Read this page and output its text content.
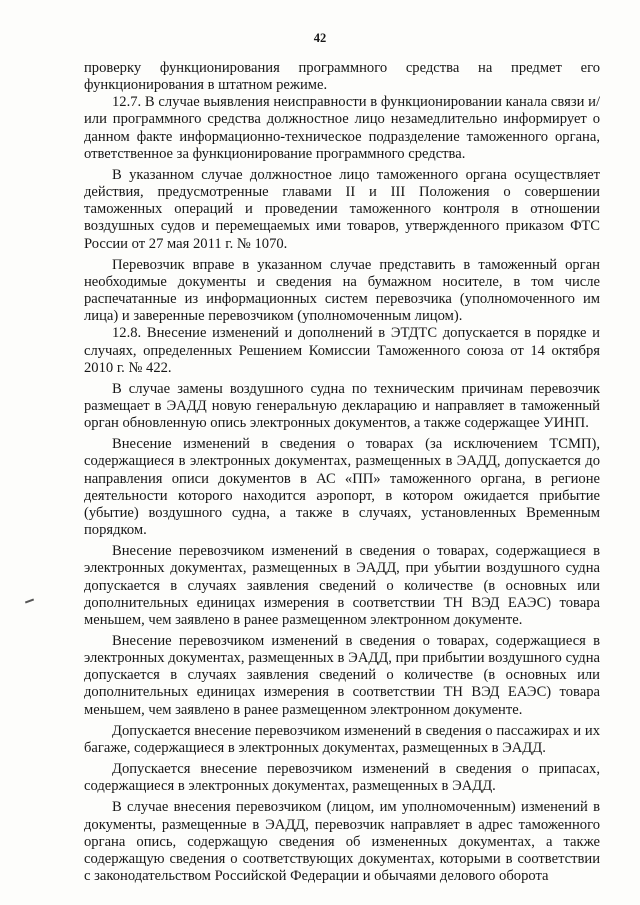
42

проверку функционирования программного средства на предмет его функционирования в штатном режиме.

12.7. В случае выявления неисправности в функционировании канала связи и/или программного средства должностное лицо незамедлительно информирует о данном факте информационно-техническое подразделение таможенного органа, ответственное за функционирование программного средства.

В указанном случае должностное лицо таможенного органа осуществляет действия, предусмотренные главами II и III Положения о совершении таможенных операций и проведении таможенного контроля в отношении воздушных судов и перемещаемых ими товаров, утвержденного приказом ФТС России от 27 мая 2011 г. № 1070.

Перевозчик вправе в указанном случае представить в таможенный орган необходимые документы и сведения на бумажном носителе, в том числе распечатанные из информационных систем перевозчика (уполномоченного им лица) и заверенные перевозчиком (уполномоченным лицом).

12.8. Внесение изменений и дополнений в ЭТДТС допускается в порядке и случаях, определенных Решением Комиссии Таможенного союза от 14 октября 2010 г. № 422.

В случае замены воздушного судна по техническим причинам перевозчик размещает в ЭАДД новую генеральную декларацию и направляет в таможенный орган обновленную опись электронных документов, а также содержащее УИНП.

Внесение изменений в сведения о товарах (за исключением ТСМП), содержащиеся в электронных документах, размещенных в ЭАДД, допускается до направления описи документов в АС «ПП» таможенного органа, в регионе деятельности которого находится аэропорт, в котором ожидается прибытие (убытие) воздушного судна, а также в случаях, установленных Временным порядком.

Внесение перевозчиком изменений в сведения о товарах, содержащиеся в электронных документах, размещенных в ЭАДД, при убытии воздушного судна допускается в случаях заявления сведений о количестве (в основных или дополнительных единицах измерения в соответствии ТН ВЭД ЕАЭС) товара меньшем, чем заявлено в ранее размещенном электронном документе.

Внесение перевозчиком изменений в сведения о товарах, содержащиеся в электронных документах, размещенных в ЭАДД, при прибытии воздушного судна допускается в случаях заявления сведений о количестве (в основных или дополнительных единицах измерения в соответствии ТН ВЭД ЕАЭС) товара меньшем, чем заявлено в ранее размещенном электронном документе.

Допускается внесение перевозчиком изменений в сведения о пассажирах и их багаже, содержащиеся в электронных документах, размещенных в ЭАДД.

Допускается внесение перевозчиком изменений в сведения о припасах, содержащиеся в электронных документах, размещенных в ЭАДД.

В случае внесения перевозчиком (лицом, им уполномоченным) изменений в документы, размещенные в ЭАДД, перевозчик направляет в адрес таможенного органа опись, содержащую сведения об измененных документах, а также содержащую сведения о соответствующих документах, которыми в соответствии с законодательством Российской Федерации и обычаями делового оборота
